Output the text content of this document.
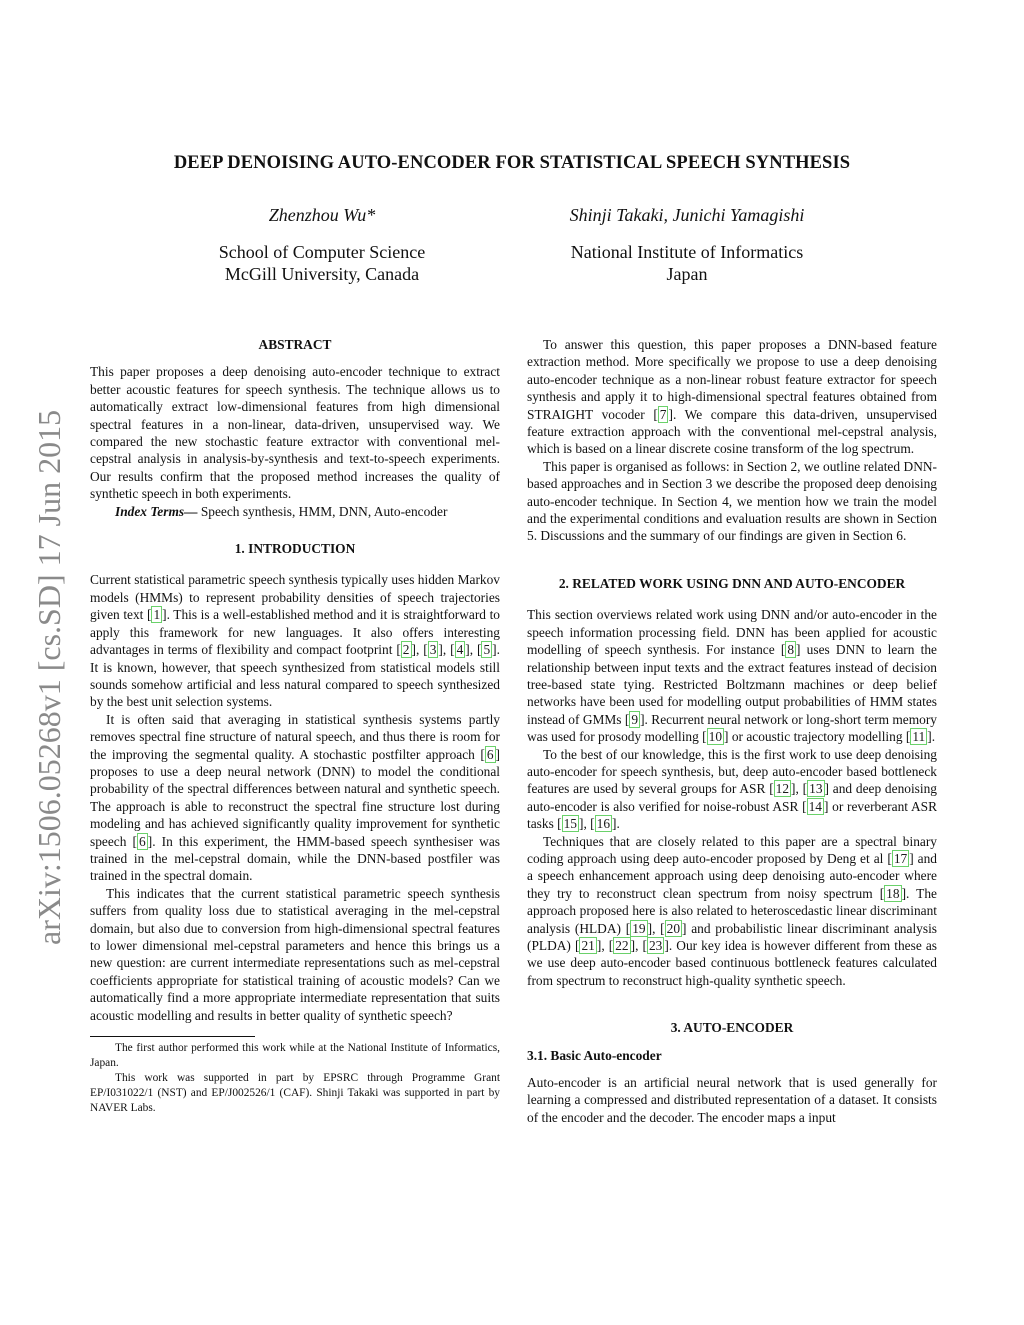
arXiv:1506.05268v1 [cs.SD] 17 Jun 2015
DEEP DENOISING AUTO-ENCODER FOR STATISTICAL SPEECH SYNTHESIS
Zhenzhou Wu*
School of Computer Science
McGill University, Canada
Shinji Takaki, Junichi Yamagishi
National Institute of Informatics
Japan

ABSTRACT

This paper proposes a deep denoising auto-encoder technique to extract better acoustic features for speech synthesis. The technique allows us to automatically extract low-dimensional features from high dimensional spectral features in a non-linear, data-driven, unsupervised way. We compared the new stochastic feature extractor with conventional mel-cepstral analysis in analysis-by-synthesis and text-to-speech experiments. Our results confirm that the proposed method increases the quality of synthetic speech in both experiments.

Index Terms— Speech synthesis, HMM, DNN, Auto-encoder

1. INTRODUCTION

Current statistical parametric speech synthesis typically uses hidden Markov models (HMMs) to represent probability densities of speech trajectories given text [ 1 ]. This is a well-established method and it is straightforward to apply this framework for new languages. It also offers interesting advantages in terms of flexibility and compact footprint [ 2 ], [ 3 ], [ 4 ], [ 5 ]. It is known, however, that speech synthesized from statistical models still sounds somehow artificial and less natural compared to speech synthesized by the best unit selection systems.

It is often said that averaging in statistical synthesis systems partly removes spectral fine structure of natural speech, and thus there is room for the improving the segmental quality. A stochastic postfilter approach [ 6 ] proposes to use a deep neural network (DNN) to model the conditional probability of the spectral differences between natural and synthetic speech. The approach is able to reconstruct the spectral fine structure lost during modeling and has achieved significantly quality improvement for synthetic speech [ 6 ]. In this experiment, the HMM-based speech synthesiser was trained in the mel-cepstral domain, while the DNN-based postfiler was trained in the spectral domain.

This indicates that the current statistical parametric speech synthesis suffers from quality loss due to statistical averaging in the mel-cepstral domain, but also due to conversion from high-dimensional spectral features to lower dimensional mel-cepstral parameters and hence this brings us a new question: are current intermediate representations such as mel-cepstral coefficients appropriate for statistical training of acoustic models? Can we automatically find a more appropriate intermediate representation that suits acoustic modelling and results in better quality of synthetic speech?

The first author performed this work while at the National Institute of Informatics, Japan.

This work was supported in part by EPSRC through Programme Grant EP/I031022/1 (NST) and EP/J002526/1 (CAF). Shinji Takaki was supported in part by NAVER Labs.

To answer this question, this paper proposes a DNN-based feature extraction method. More specifically we propose to use a deep denoising auto-encoder technique as a non-linear robust feature extractor for speech synthesis and apply it to high-dimensional spectral features obtained from STRAIGHT vocoder [ 7 ]. We compare this data-driven, unsupervised feature extraction approach with the conventional mel-cepstral analysis, which is based on a linear discrete cosine transform of the log spectrum.

This paper is organised as follows: in Section 2, we outline related DNN-based approaches and in Section 3 we describe the proposed deep denoising auto-encoder technique. In Section 4, we mention how we train the model and the experimental conditions and evaluation results are shown in Section 5. Discussions and the summary of our findings are given in Section 6.

2. RELATED WORK USING DNN AND AUTO-ENCODER

This section overviews related work using DNN and/or auto-encoder in the speech information processing field. DNN has been applied for acoustic modelling of speech synthesis. For instance [ 8 ] uses DNN to learn the relationship between input texts and the extract features instead of decision tree-based state tying. Restricted Boltzmann machines or deep belief networks have been used for modelling output probabilities of HMM states instead of GMMs [ 9 ]. Recurrent neural network or long-short term memory was used for prosody modelling [ 10 ] or acoustic trajectory modelling [ 11 ].

To the best of our knowledge, this is the first work to use deep denoising auto-encoder for speech synthesis, but, deep auto-encoder based bottleneck features are used by several groups for ASR [ 12 ], [ 13 ] and deep denoising auto-encoder is also verified for noise-robust ASR [ 14 ] or reverberant ASR tasks [ 15 ], [ 16 ].

Techniques that are closely related to this paper are a spectral binary coding approach using deep auto-encoder proposed by Deng et al [ 17 ] and a speech enhancement approach using deep denoising auto-encoder where they try to reconstruct clean spectrum from noisy spectrum [ 18 ]. The approach proposed here is also related to heteroscedastic linear discriminant analysis (HLDA) [ 19 ], [ 20 ] and probabilistic linear discriminant analysis (PLDA) [ 21 ], [ 22 ], [ 23 ]. Our key idea is however different from these as we use deep auto-encoder based continuous bottleneck features calculated from spectrum to reconstruct high-quality synthetic speech.

3. AUTO-ENCODER

3.1. Basic Auto-encoder

Auto-encoder is an artificial neural network that is used generally for learning a compressed and distributed representation of a dataset. It consists of the encoder and the decoder. The encoder maps a input
